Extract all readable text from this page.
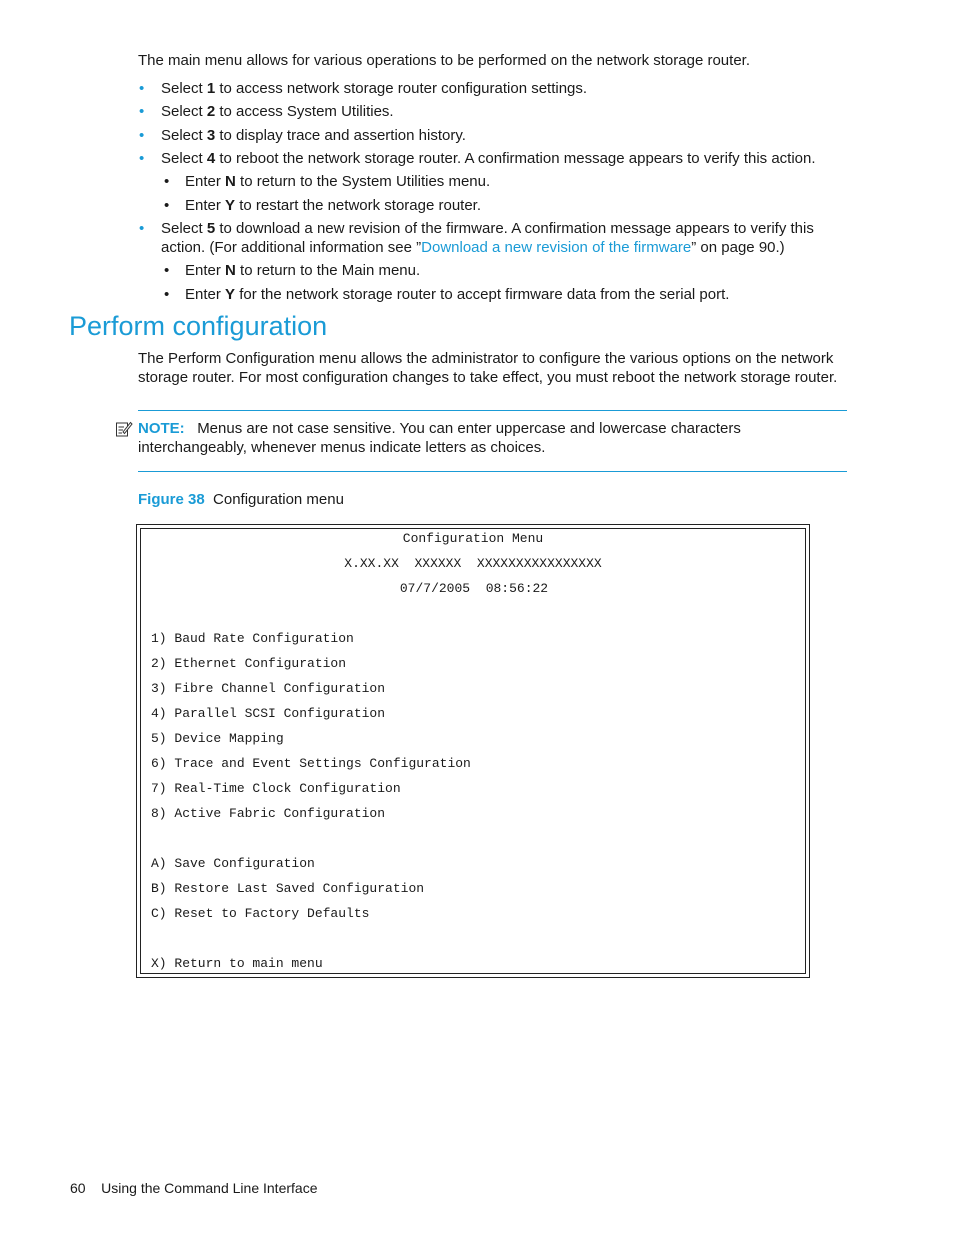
The main menu allows for various operations to be performed on the network storage router.

• Select 1 to access network storage router configuration settings.

• Select 2 to access System Utilities.

• Select 3 to display trace and assertion history.

• Select 4 to reboot the network storage router. A confirmation message appears to verify this action.

• Enter N to return to the System Utilities menu.

• Enter Y to restart the network storage router.

• Select 5 to download a new revision of the firmware. A confirmation message appears to verify this action. (For additional information see ”Download a new revision of the firmware” on page 90.)

• Enter N to return to the Main menu.

• Enter Y for the network storage router to accept firmware data from the serial port.

Perform configuration

The Perform Configuration menu allows the administrator to configure the various options on the network storage router. For most configuration changes to take effect, you must reboot the network storage router.

NOTE: Menus are not case sensitive. You can enter uppercase and lowercase characters interchangeably, whenever menus indicate letters as choices.

Figure 38 Configuration menu

Configuration Menu
X.XX.XX  XXXXXX  XXXXXXXXXXXXXXXX
07/7/2005  08:56:22
1) Baud Rate Configuration
2) Ethernet Configuration
3) Fibre Channel Configuration
4) Parallel SCSI Configuration
5) Device Mapping
6) Trace and Event Settings Configuration
7) Real-Time Clock Configuration
8) Active Fabric Configuration
A) Save Configuration
B) Restore Last Saved Configuration
C) Reset to Factory Defaults
X) Return to main menu
60 Using the Command Line Interface
